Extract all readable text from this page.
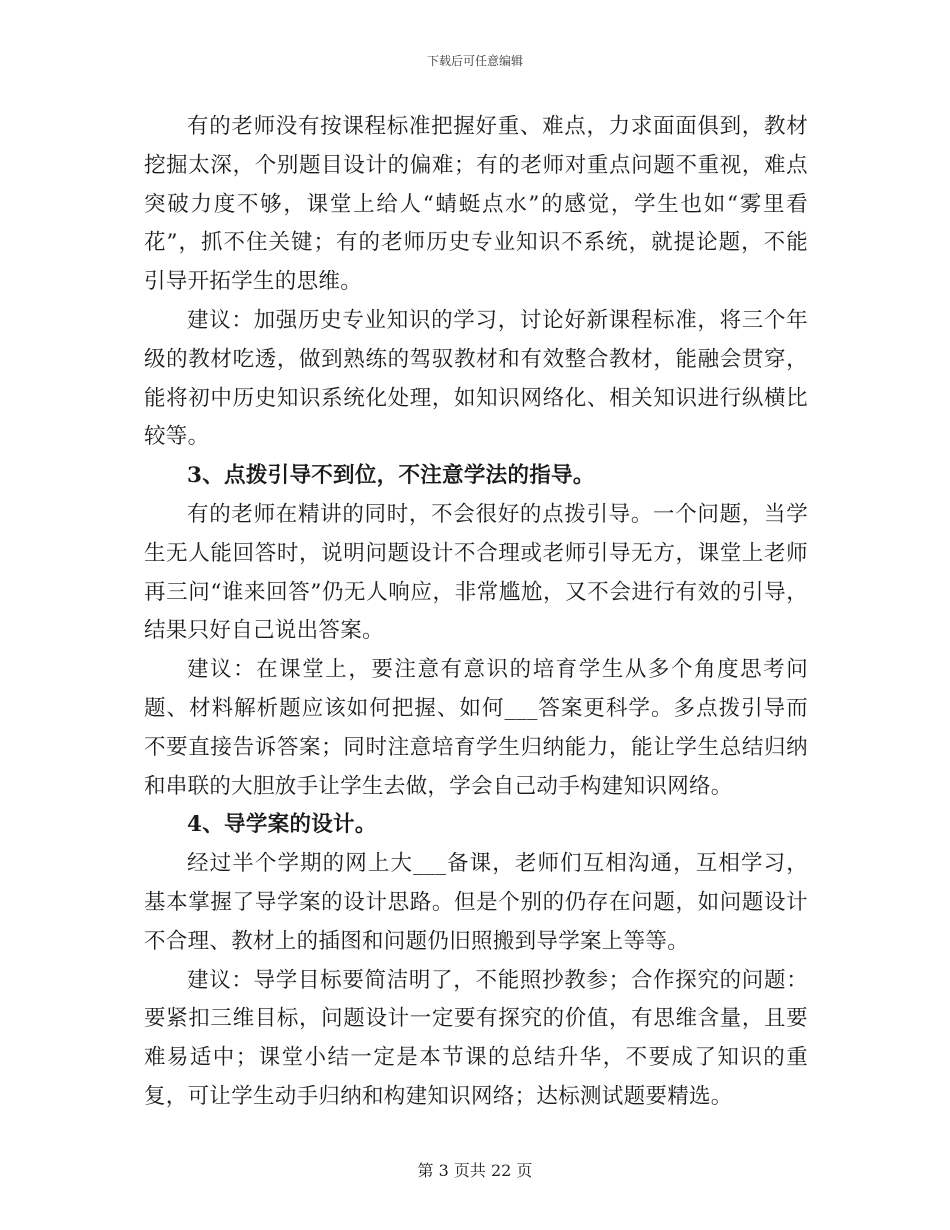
下载后可任意编辑

有的老师没有按课程标准把握好重、难点，力求面面俱到，教材挖掘太深，个别题目设计的偏难；有的老师对重点问题不重视，难点突破力度不够，课堂上给人“蜻蜓点水”的感觉，学生也如“雾里看花”，抓不住关键；有的老师历史专业知识不系统，就提论题，不能引导开拓学生的思维。

建议：加强历史专业知识的学习，讨论好新课程标准，将三个年级的教材吃透，做到熟练的驾驭教材和有效整合教材，能融会贯穿，能将初中历史知识系统化处理，如知识网络化、相关知识进行纵横比较等。

3、点拨引导不到位，不注意学法的指导。

有的老师在精讲的同时，不会很好的点拨引导。一个问题，当学生无人能回答时，说明问题设计不合理或老师引导无方，课堂上老师再三问“谁来回答”仍无人响应，非常尴尬，又不会进行有效的引导，结果只好自己说出答案。

建议：在课堂上，要注意有意识的培育学生从多个角度思考问题、材料解析题应该如何把握、如何___答案更科学。多点拨引导而不要直接告诉答案；同时注意培育学生归纳能力，能让学生总结归纳和串联的大胆放手让学生去做，学会自己动手构建知识网络。

4、导学案的设计。

经过半个学期的网上大___备课，老师们互相沟通，互相学习，基本掌握了导学案的设计思路。但是个别的仍存在问题，如问题设计不合理、教材上的插图和问题仍旧照搬到导学案上等等。

建议：导学目标要简洁明了，不能照抄教参；合作探究的问题：要紧扣三维目标，问题设计一定要有探究的价值，有思维含量，且要难易适中；课堂小结一定是本节课的总结升华，不要成了知识的重复，可让学生动手归纳和构建知识网络；达标测试题要精选。

第 3 页共 22 页
